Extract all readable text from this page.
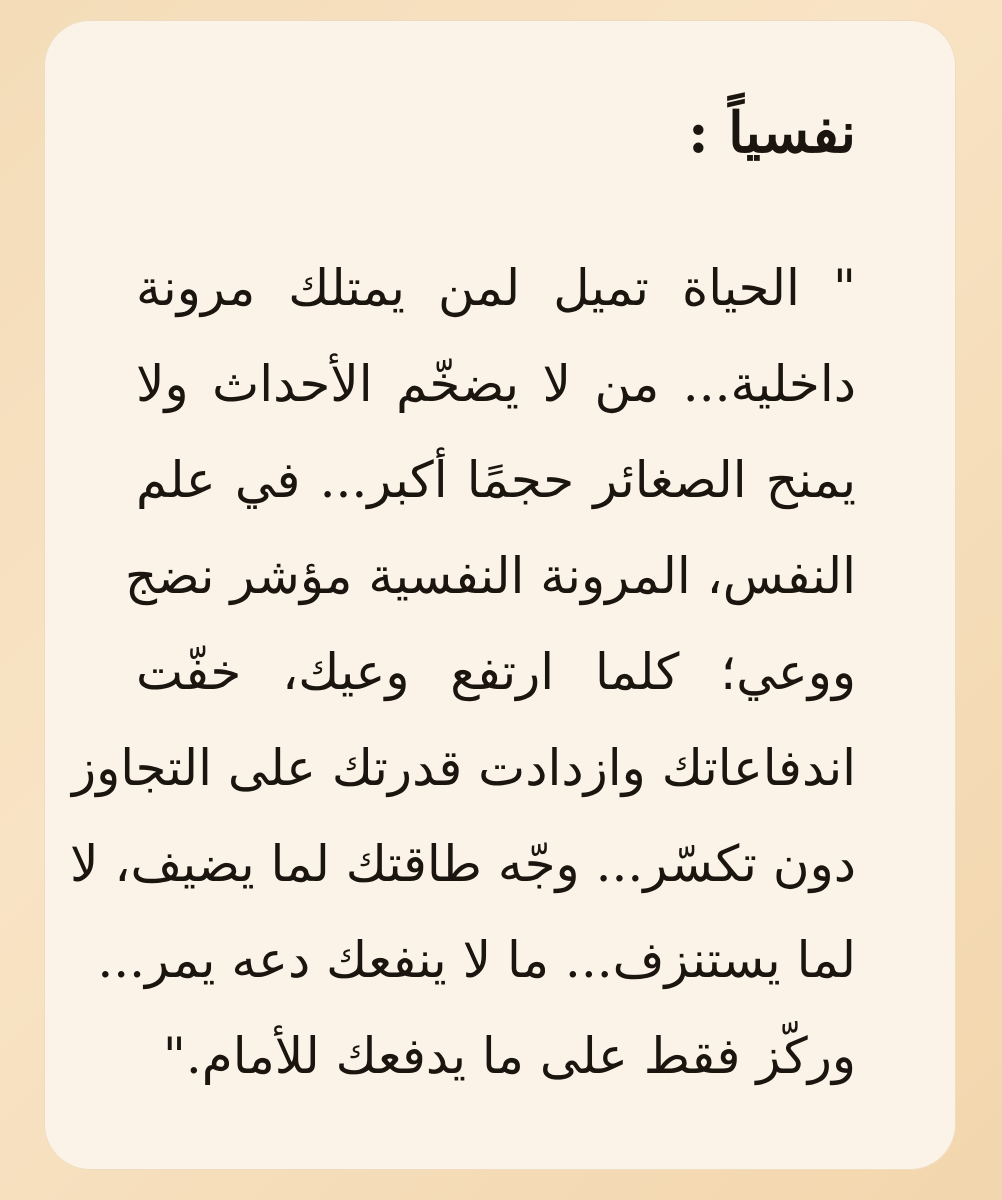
نفسياً :
" الحياة تميل لمن يمتلك مرونة
داخلية... من لا يضخّم الأحداث ولا
يمنح الصغائر حجمًا أكبر... في علم
النفس، المرونة النفسية مؤشر نضج
ووعي؛ كلما ارتفع وعيك، خفّت
اندفاعاتك وازدادت قدرتك على التجاوز
دون تكسّر... وجّه طاقتك لما يضيف، لا
لما يستنزف... ما لا ينفعك دعه يمر...
وركّز فقط على ما يدفعك للأمام."
